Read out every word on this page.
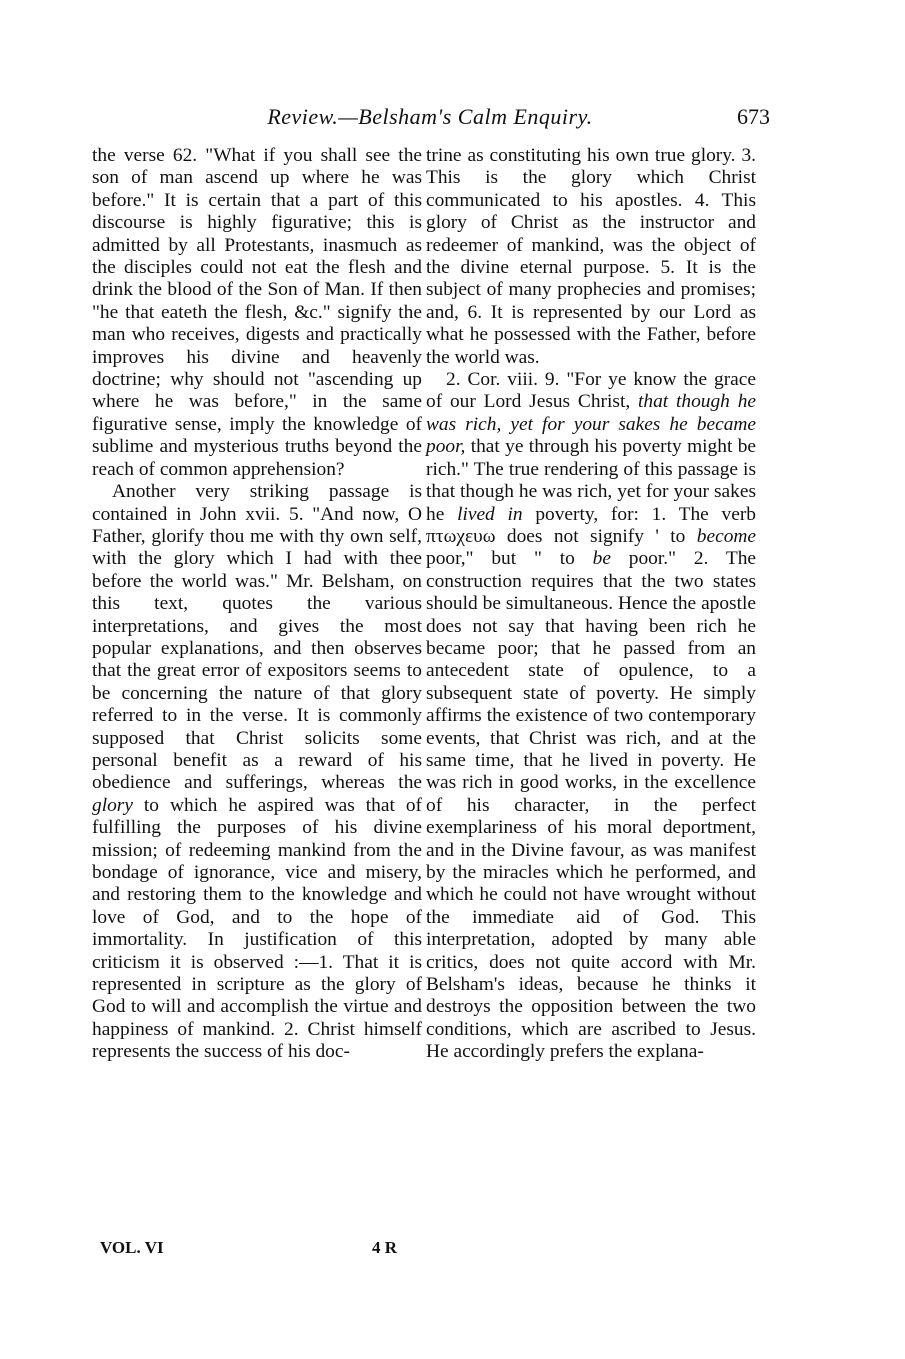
Review.—Belsham's Calm Enquiry.	673

the verse 62. "What if you shall see the son of man ascend up where he was before." It is certain that a part of this discourse is highly figurative; this is admitted by all Protestants, inasmuch as the disciples could not eat the flesh and drink the blood of the Son of Man. If then "he that eateth the flesh, &c." signify the man who receives, digests and practically improves his divine and heavenly doctrine; why should not "ascending up where he was before," in the same figurative sense, imply the knowledge of sublime and mysterious truths beyond the reach of common apprehension?

Another very striking passage is contained in John xvii. 5. "And now, O Father, glorify thou me with thy own self, with the glory which I had with thee before the world was." Mr. Belsham, on this text, quotes the various interpretations, and gives the most popular explanations, and then observes that the great error of expositors seems to be concerning the nature of that glory referred to in the verse. It is commonly supposed that Christ solicits some personal benefit as a reward of his obedience and sufferings, whereas the glory to which he aspired was that of fulfilling the purposes of his divine mission; of redeeming mankind from the bondage of ignorance, vice and misery, and restoring them to the knowledge and love of God, and to the hope of immortality. In justification of this criticism it is observed :—1. That it is represented in scripture as the glory of God to will and accomplish the virtue and happiness of mankind. 2. Christ himself represents the success of his doc-

trine as constituting his own true glory. 3. This is the glory which Christ communicated to his apostles. 4. This glory of Christ as the instructor and redeemer of mankind, was the object of the divine eternal purpose. 5. It is the subject of many prophecies and promises; and, 6. It is represented by our Lord as what he possessed with the Father, before the world was.

2. Cor. viii. 9. "For ye know the grace of our Lord Jesus Christ, that though he was rich, yet for your sakes he became poor, that ye through his poverty might be rich." The true rendering of this passage is that though he was rich, yet for your sakes he lived in poverty, for: 1. The verb πτωχευω does not signify ' to become poor," but " to be poor." 2. The construction requires that the two states should be simultaneous. Hence the apostle does not say that having been rich he became poor; that he passed from an antecedent state of opulence, to a subsequent state of poverty. He simply affirms the existence of two contemporary events, that Christ was rich, and at the same time, that he lived in poverty. He was rich in good works, in the excellence of his character, in the perfect exemplariness of his moral deportment, and in the Divine favour, as was manifest by the miracles which he performed, and which he could not have wrought without the immediate aid of God. This interpretation, adopted by many able critics, does not quite accord with Mr. Belsham's ideas, because he thinks it destroys the opposition between the two conditions, which are ascribed to Jesus. He accordingly prefers the explana-

VOL. VI	4 R
